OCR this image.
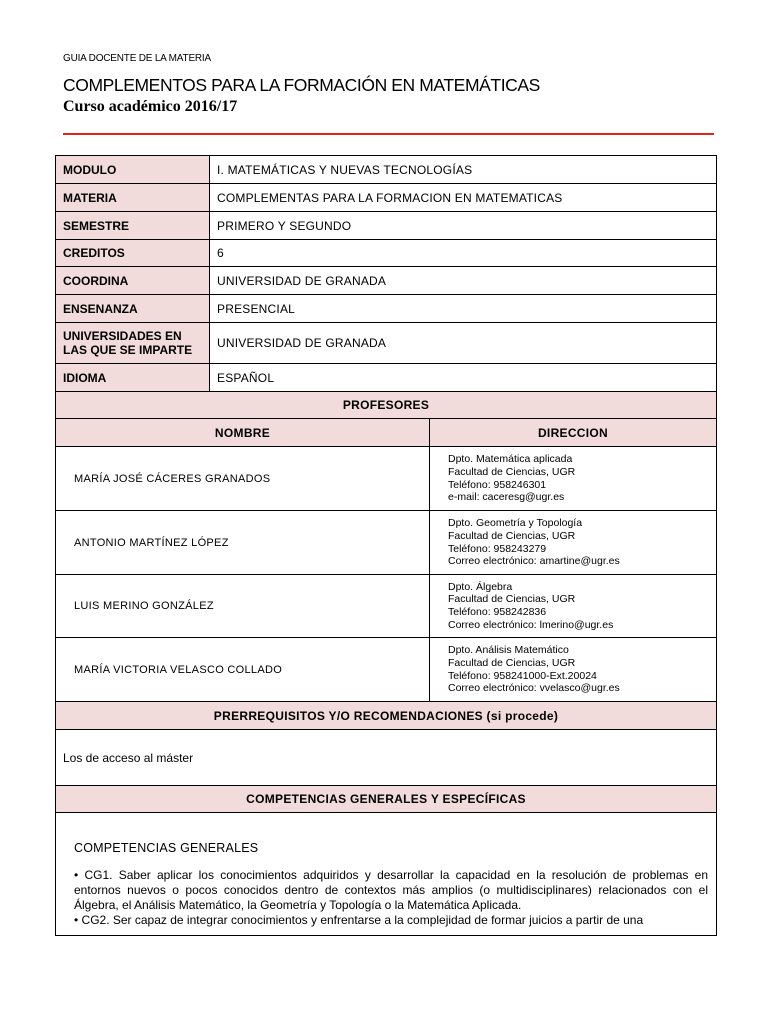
GUIA DOCENTE DE LA MATERIA
COMPLEMENTOS PARA LA FORMACIÓN EN MATEMÁTICAS
Curso académico 2016/17
MODULO	I. MATEMÁTICAS Y NUEVAS TECNOLOGÍAS
MATERIA	COMPLEMENTAS PARA LA FORMACION EN MATEMATICAS
SEMESTRE	PRIMERO Y SEGUNDO
CREDITOS	6
COORDINA	UNIVERSIDAD DE GRANADA
ENSENANZA	PRESENCIAL
UNIVERSIDADES EN LAS QUE SE IMPARTE	UNIVERSIDAD DE GRANADA
IDIOMA	ESPAÑOL
PROFESORES	
NOMBRE	DIRECCION
MARÍA JOSÉ CÁCERES GRANADOS	Dpto. Matemática aplicada
Facultad de Ciencias, UGR
Teléfono: 958246301
e-mail: caceresg@ugr.es

ANTONIO MARTÍNEZ LÓPEZ	Dpto. Geometría y Topología
Facultad de Ciencias, UGR
Teléfono: 958243279
Correo electrónico: amartine@ugr.es

LUIS MERINO GONZÁLEZ	Dpto. Álgebra
Facultad de Ciencias, UGR
Teléfono: 958242836
Correo electrónico: lmerino@ugr.es

MARÍA VICTORIA VELASCO COLLADO	Dpto. Análisis Matemático
Facultad de Ciencias, UGR
Teléfono: 958241000-Ext.20024
Correo electrónico: vvelasco@ugr.es
PRERREQUISITOS Y/O RECOMENDACIONES (si procede)
Los de acceso al máster
COMPETENCIAS GENERALES Y ESPECÍFICAS

COMPETENCIAS GENERALES

• CG1. Saber aplicar los conocimientos adquiridos y desarrollar la capacidad en la resolución de problemas en entornos nuevos o pocos conocidos dentro de contextos más amplios (o multidisciplinares) relacionados con el Álgebra, el Análisis Matemático, la Geometría y Topología o la Matemática Aplicada.

• CG2. Ser capaz de integrar conocimientos y enfrentarse a la complejidad de formar juicios a partir de una
